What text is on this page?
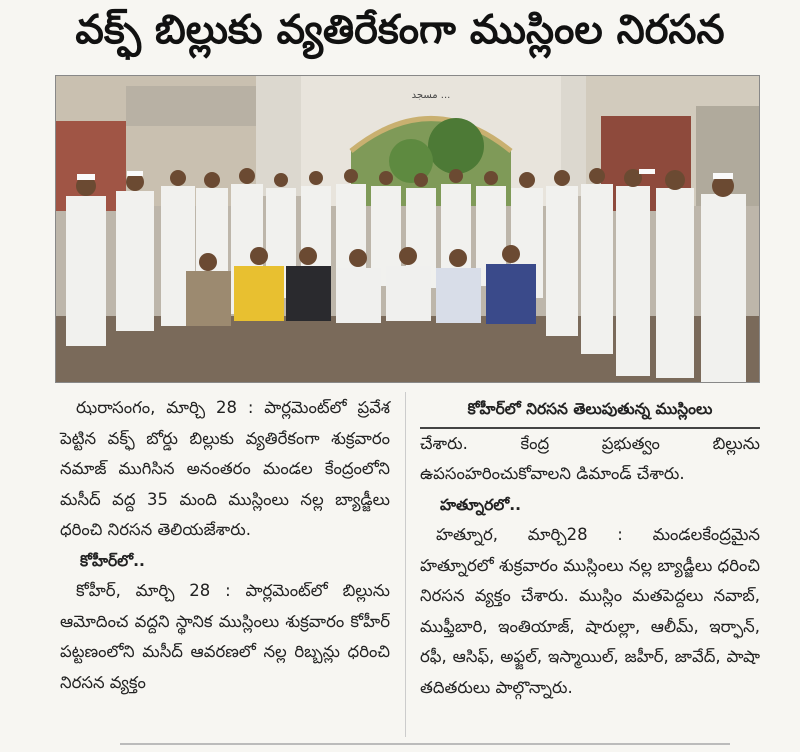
వక్ఫ్ బిల్లుకు వ్యతిరేకంగా ముస్లింల నిరసన
مسجد ...

ఝరాసంగం, మార్చి 28 : పార్లమెంట్‌లో ప్రవేశ పెట్టిన వక్ఫ్ బోర్డు బిల్లుకు వ్యతిరేకంగా శుక్రవారం నమాజ్ ముగిసిన అనంతరం మండల కేంద్రంలోని మసీద్ వద్ద 35 మంది ముస్లింలు నల్ల బ్యాడ్జీలు ధరించి నిరసన తెలియజేశారు.

కోహీర్‌లో..

కోహీర్, మార్చి 28 : పార్లమెంట్‌లో బిల్లును ఆమోదించ వద్దని స్థానిక ముస్లింలు శుక్రవారం కోహీర్ పట్టణంలోని మసీద్ ఆవరణలో నల్ల రిబ్బన్లు ధరించి నిరసన వ్యక్తం

కోహీర్‌లో నిరసన తెలుపుతున్న ముస్లింలు

చేశారు. కేంద్ర ప్రభుత్వం బిల్లును ఉపసంహరించుకోవాలని డిమాండ్ చేశారు.

హత్నూరలో..

హత్నూర, మార్చి28 : మండలకేంద్రమైన హత్నూరలో శుక్రవారం ముస్లింలు నల్ల బ్యాడ్జీలు ధరించి నిరసన వ్యక్తం చేశారు. ముస్లిం మతపెద్దలు నవాబ్, ముఫ్తీబారి, ఇంతియాజ్, షారుల్లా, ఆలీమ్, ఇర్ఫాన్, రఫీ, ఆసిఫ్, అఫ్జల్, ఇస్మాయిల్, జహీర్, జావేద్, పాషా తదితరులు పాల్గొన్నారు.
